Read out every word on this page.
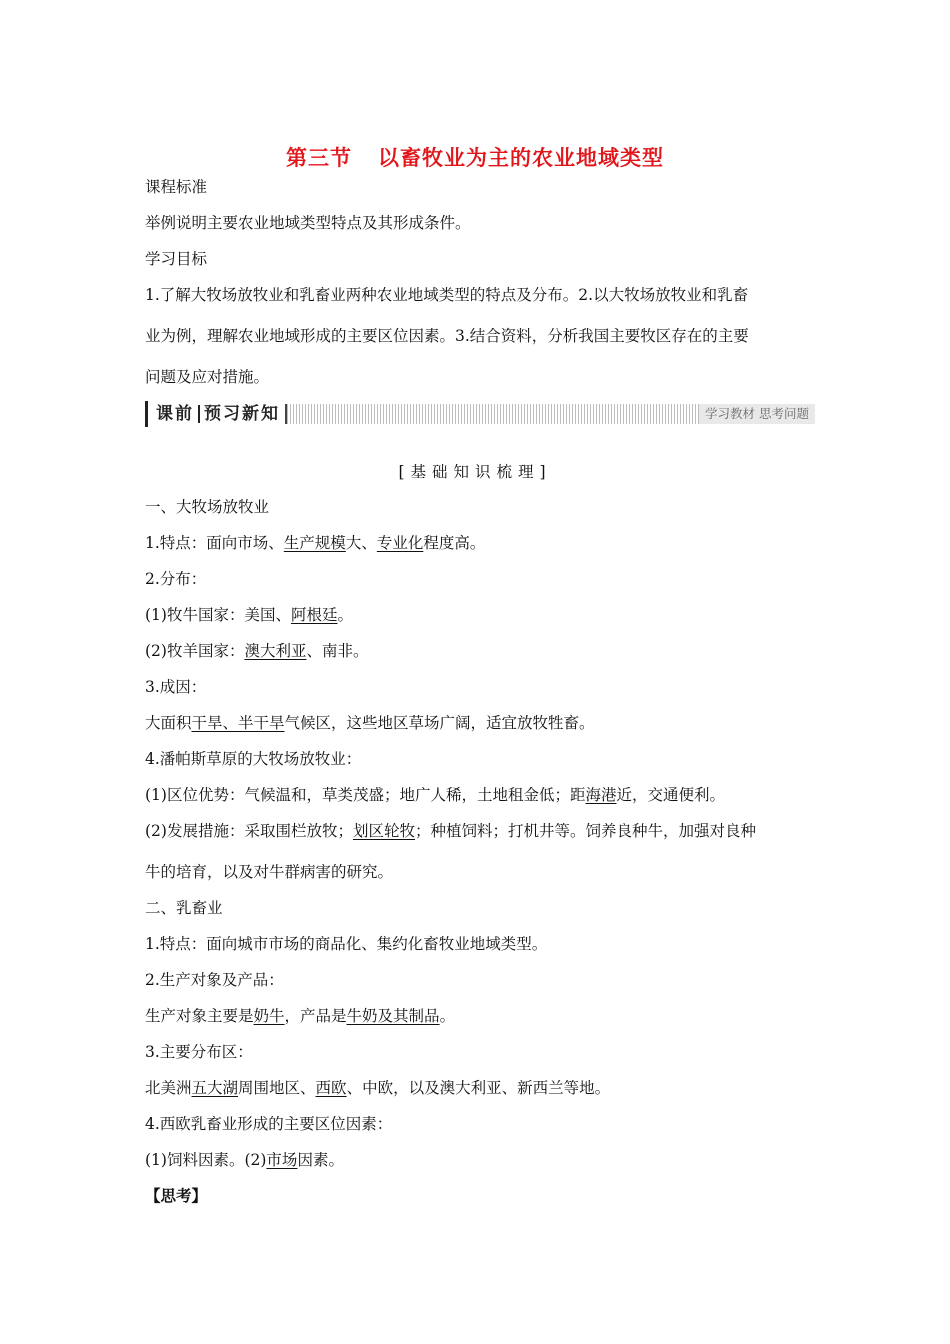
第三节 以畜牧业为主的农业地域类型
课程标准
举例说明主要农业地域类型特点及其形成条件。
学习目标
1.了解大牧场放牧业和乳畜业两种农业地域类型的特点及分布。2.以大牧场放牧业和乳畜
业为例，理解农业地域形成的主要区位因素。3.结合资料，分析我国主要牧区存在的主要
问题及应对措施。
课前 预习新知	学习教材 思考问题
[基础知识梳理]
一、大牧场放牧业
1.特点：面向市场、生产规模大、专业化程度高。
2.分布：
(1)牧牛国家：美国、阿根廷。
(2)牧羊国家：澳大利亚、南非。
3.成因：
大面积干旱、半干旱气候区，这些地区草场广阔，适宜放牧牲畜。
4.潘帕斯草原的大牧场放牧业：
(1)区位优势：气候温和，草类茂盛；地广人稀，土地租金低；距海港近，交通便利。
(2)发展措施：采取围栏放牧；划区轮牧；种植饲料；打机井等。饲养良种牛，加强对良种
牛的培育，以及对牛群病害的研究。
二、乳畜业
1.特点：面向城市市场的商品化、集约化畜牧业地域类型。
2.生产对象及产品：
生产对象主要是奶牛，产品是牛奶及其制品。
3.主要分布区：
北美洲五大湖周围地区、西欧、中欧，以及澳大利亚、新西兰等地。
4.西欧乳畜业形成的主要区位因素：
(1)饲料因素。(2)市场因素。
【思考】
